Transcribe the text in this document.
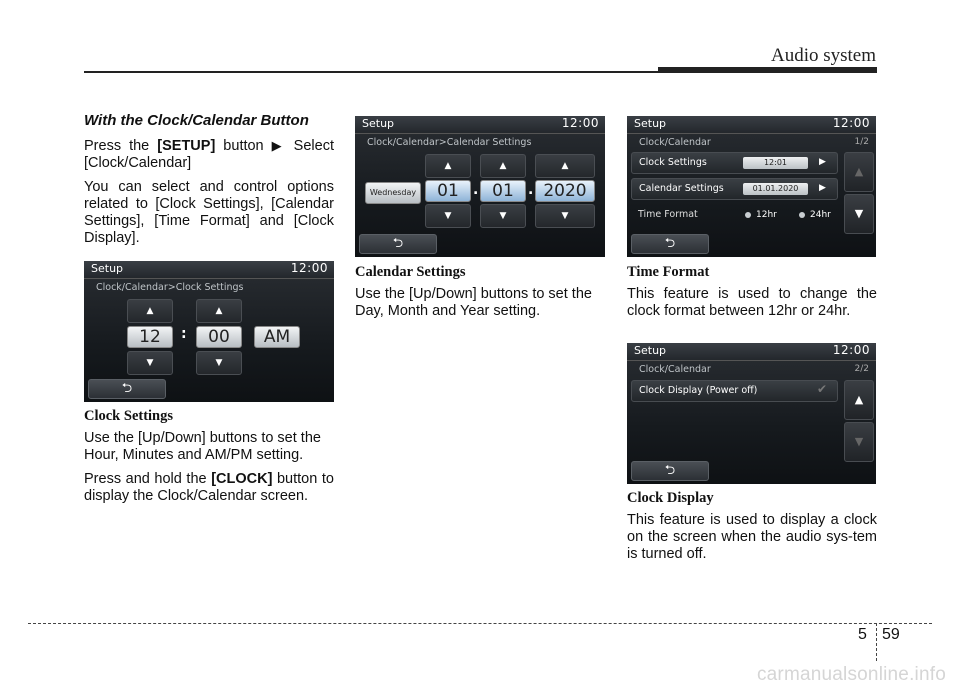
Audio system
With the Clock/Calendar Button

Press the [SETUP] button ▶ Select [Clock/Calendar]

You can select and control options related to [Clock Settings], [Calendar Settings], [Time Format] and [Clock Display].

Setup	12:00
Clock/Calendar>Clock Settings
▲	▲
12	:	00	AM
▼	▼
⮌
Clock Settings

Use the [Up/Down] buttons to set the Hour, Minutes and AM/PM setting.

Press and hold the [CLOCK] button to display the Clock/Calendar screen.

Setup	12:00
Clock/Calendar>Calendar Settings
▲	▲	▲
Wednesday	01	. 01	. 2020
▼	▼	▼
⮌
Calendar Settings

Use the [Up/Down] buttons to set the Day, Month and Year setting.

Setup	12:00
Clock/Calendar	1/2
Clock Settings	12:01	▶
Calendar Settings	01.01.2020	▶
Time Format	12hr	24hr
▲
▼
⮌
Time Format

This feature is used to change the clock format between 12hr or 24hr.

Setup	12:00
Clock/Calendar	2/2
Clock Display (Power off)	✔
▲
▼
⮌
Clock Display

This feature is used to display a clock on the screen when the audio sys-tem is turned off.

5 59
carmanualsonline.info
